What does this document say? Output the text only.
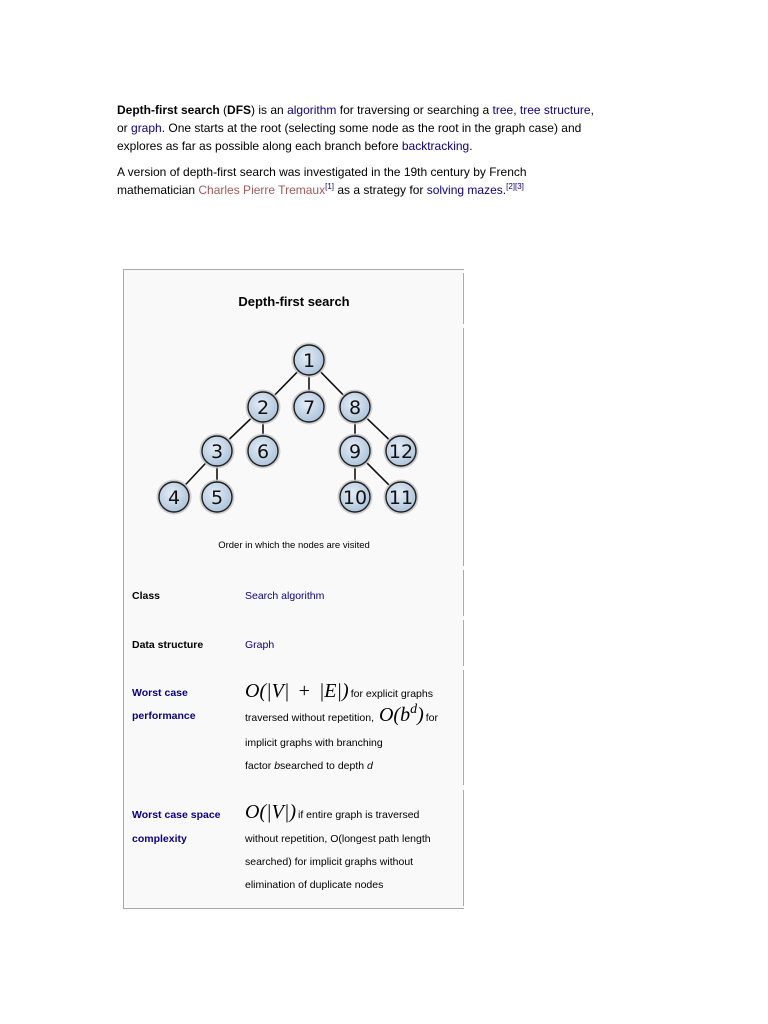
Depth-first search (DFS) is an algorithm for traversing or searching a tree, tree structure,
or graph. One starts at the root (selecting some node as the root in the graph case) and
explores as far as possible along each branch before backtracking.
A version of depth-first search was investigated in the 19th century by French
mathematician Charles Pierre Tremaux[1] as a strategy for solving mazes.[2][3]
Depth-first search
1
2
3
4 5
6
7 8
9
10 11
12
Order in which the nodes are visited
Class	Search algorithm
Data structure	Graph
Worst case
performance
O(|V| + |E|) for explicit graphs
traversed without repetition, $O(b^d)$ for
implicit graphs with branching
factor bsearched to depth d
Worst case space
complexity
O(|V|) if entire graph is traversed
without repetition, O(longest path length
searched) for implicit graphs without
elimination of duplicate nodes
